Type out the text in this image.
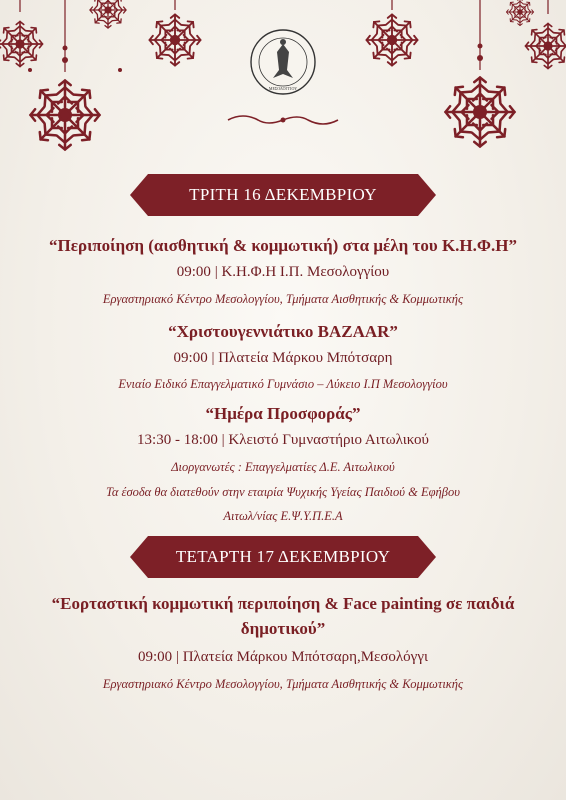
ΜΕΣΟΛΟΓΓΙΟΥ
ΤΡΙΤΗ 16 ΔΕΚΕΜΒΡΙΟΥ
“Περιποίηση (αισθητική & κομμωτική) στα μέλη του Κ.Η.Φ.Η”
09:00 | Κ.Η.Φ.Η Ι.Π. Μεσολογγίου
Εργαστηριακό Κέντρο Μεσολογγίου, Τμήματα Αισθητικής & Κομμωτικής
“Χριστουγεννιάτικο BAZAAR”
09:00 | Πλατεία Μάρκου Μπότσαρη
Ενιαίο Ειδικό Επαγγελματικό Γυμνάσιο – Λύκειο Ι.Π Μεσολογγίου
“Ημέρα Προσφοράς”
13:30 - 18:00 | Κλειστό Γυμναστήριο Αιτωλικού
Διοργανωτές : Επαγγελματίες Δ.Ε. Αιτωλικού
Τα έσοδα θα διατεθούν στην εταιρία Ψυχικής Υγείας Παιδιού & Εφήβου
Αιτωλ/νίας Ε.Ψ.Υ.Π.Ε.Α
ΤΕΤΑΡΤΗ 17 ΔΕΚΕΜΒΡΙΟΥ
“Εορταστική κομμωτική περιποίηση & Face painting σε παιδιά
δημοτικού”
09:00 | Πλατεία Μάρκου Μπότσαρη,Μεσολόγγι
Εργαστηριακό Κέντρο Μεσολογγίου, Τμήματα Αισθητικής & Κομμωτικής
